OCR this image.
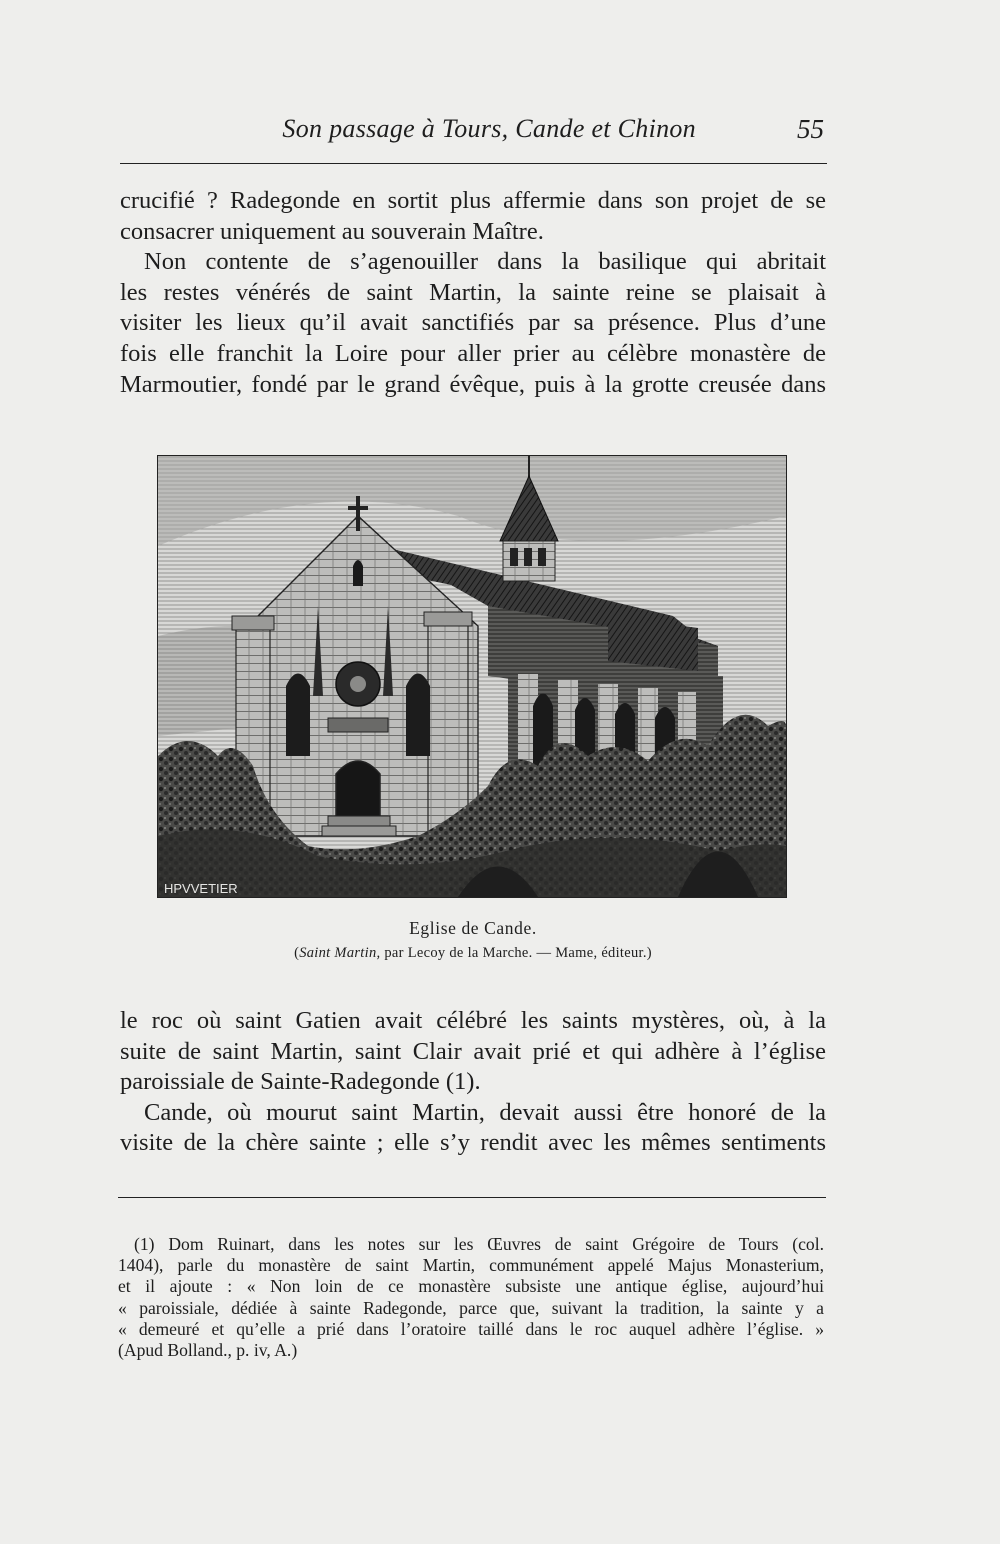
Son passage à Tours, Cande et Chinon	55

crucifié ? Radegonde en sortit plus affermie dans son projet de se
consacrer uniquement au souverain Maître.

Non contente de s’agenouiller dans la basilique qui abritait
les restes vénérés de saint Martin, la sainte reine se plaisait à
visiter les lieux qu’il avait sanctifiés par sa présence. Plus d’une
fois elle franchit la Loire pour aller prier au célèbre monastère de
Marmoutier, fondé par le grand évêque, puis à la grotte creusée dans

HPVVETIER
Eglise de Cande.
(Saint Martin, par Lecoy de la Marche. — Mame, éditeur.)

le roc où saint Gatien avait célébré les saints mystères, où, à la
suite de saint Martin, saint Clair avait prié et qui adhère à l’église
paroissiale de Sainte-Radegonde (1).

Cande, où mourut saint Martin, devait aussi être honoré de la
visite de la chère sainte ; elle s’y rendit avec les mêmes sentiments

(1) Dom Ruinart, dans les notes sur les Œuvres de saint Grégoire de Tours (col.
1404), parle du monastère de saint Martin, communément appelé Majus Monasterium,
et il ajoute : « Non loin de ce monastère subsiste une antique église, aujourd’hui
« paroissiale, dédiée à sainte Radegonde, parce que, suivant la tradition, la sainte y a
« demeuré et qu’elle a prié dans l’oratoire taillé dans le roc auquel adhère l’église. »
(Apud Bolland., p. iv, A.)
